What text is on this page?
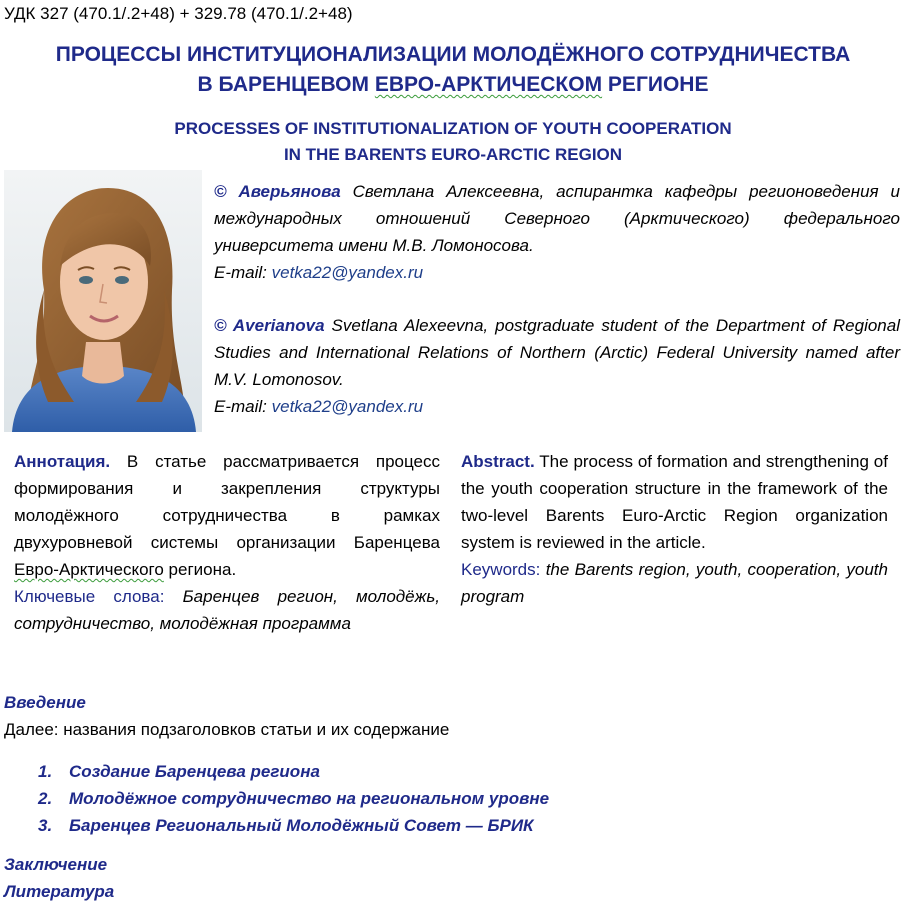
УДК 327 (470.1/.2+48) + 329.78 (470.1/.2+48)
ПРОЦЕССЫ ИНСТИТУЦИОНАЛИЗАЦИИ МОЛОДЁЖНОГО СОТРУДНИЧЕСТВА
В БАРЕНЦЕВОМ ЕВРО-АРКТИЧЕСКОМ РЕГИОНЕ
PROCESSES OF INSTITUTIONALIZATION OF YOUTH COOPERATION
IN THE BARENTS EURO-ARCTIC REGION
© Аверьянова Светлана Алексеевна, аспирантка кафедры регионоведения и международных отношений Северного (Арктического) федерального университета имени М.В. Ломоносова.
E-mail: vetka22@yandex.ru
© Averianova Svetlana Alexeevna, postgraduate student of the Department of Regional Studies and International Relations of Northern (Arctic) Federal University named after M.V. Lomonosov.
E-mail: vetka22@yandex.ru
Аннотация. В статье рассматривается процесс формирования и закрепления структуры молодёжного сотрудничества в рамках двухуровневой системы организации Баренцева Евро-Арктического региона.
Ключевые слова: Баренцев регион, молодёжь, сотрудничество, молодёжная программа
Abstract. The process of formation and strengthening of the youth cooperation structure in the framework of the two-level Barents Euro-Arctic Region organization system is reviewed in the article.
Keywords: the Barents region, youth, cooperation, youth program
Введение
Далее: названия подзаголовков статьи и их содержание
1. Создание Баренцева региона
2. Молодёжное сотрудничество на региональном уровне
3. Баренцев Региональный Молодёжный Совет — БРИК
Заключение
Литература
